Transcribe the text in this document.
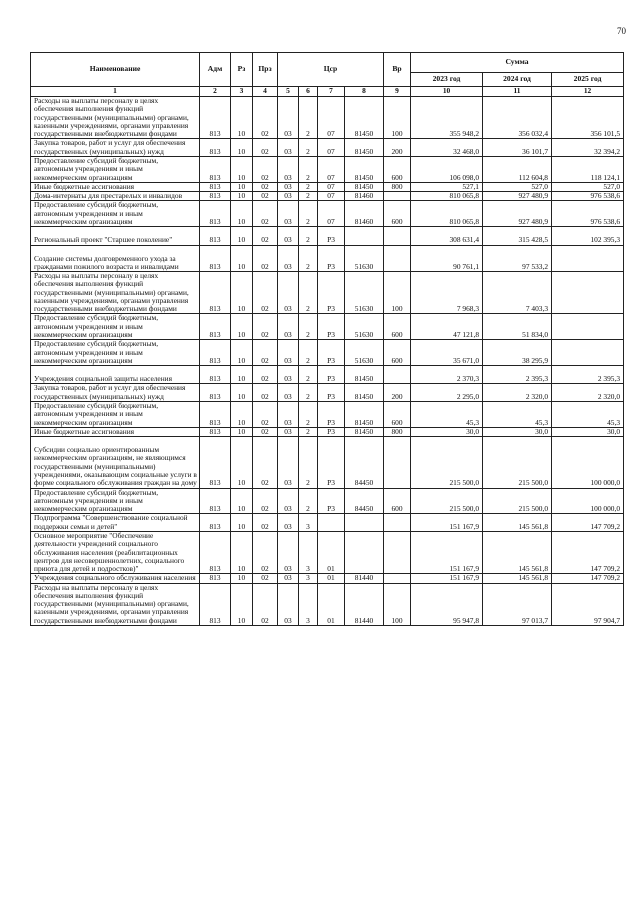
70
Наименование	Адм	Рз	Прз	Цср				Вр	Сумма		
									2023 год	2024 год	2025 год
1	2	3	4	5	6	7	8	9	10	11	12
Расходы на выплаты персоналу в целях обеспечения выполнения функций государственными (муниципальными) органами, казенными учреждениями, органами управления государственными внебюджетными фондами	813	10	02	03	2	07	81450	100	355 948,2	356 032,4	356 101,5
Закупка товаров, работ и услуг для обеспечения государственных (муниципальных) нужд	813	10	02	03	2	07	81450	200	32 468,0	36 101,7	32 394,2
Предоставление субсидий бюджетным, автономным учреждениям и иным некоммерческим организациям	813	10	02	03	2	07	81450	600	106 098,0	112 604,8	118 124,1
Иные бюджетные ассигнования	813	10	02	03	2	07	81450	800	527,1	527,0	527,0
Дома-интернаты для престарелых и инвалидов	813	10	02	03	2	07	81460		810 065,8	927 480,9	976 538,6
Предоставление субсидий бюджетным, автономным учреждениям и иным некоммерческим организациям	813	10	02	03	2	07	81460	600	810 065,8	927 480,9	976 538,6
Региональный проект "Старшее поколение"	813	10	02	03	2	Р3			308 631,4	315 428,5	102 395,3
Создание системы долговременного ухода за гражданами пожилого возраста и инвалидами	813	10	02	03	2	Р3	51630		90 761,1	97 533,2	
Расходы на выплаты персоналу в целях обеспечения выполнения функций государственными (муниципальными) органами, казенными учреждениями, органами управления государственными внебюджетными фондами	813	10	02	03	2	Р3	51630	100	7 968,3	7 403,3	
Предоставление субсидий бюджетным, автономным учреждениям и иным некоммерческим организациям	813	10	02	03	2	Р3	51630	600	47 121,8	51 834,0	
Предоставление субсидий бюджетным, автономным учреждениям и иным некоммерческим организациям	813	10	02	03	2	Р3	51630	600	35 671,0	38 295,9	
Учреждения социальной защиты населения	813	10	02	03	2	Р3	81450		2 370,3	2 395,3	2 395,3
Закупка товаров, работ и услуг для обеспечения государственных (муниципальных) нужд	813	10	02	03	2	Р3	81450	200	2 295,0	2 320,0	2 320,0
Предоставление субсидий бюджетным, автономным учреждениям и иным некоммерческим организациям	813	10	02	03	2	Р3	81450	600	45,3	45,3	45,3
Иные бюджетные ассигнования	813	10	02	03	2	Р3	81450	800	30,0	30,0	30,0
Субсидии социально ориентированным некоммерческим организациям, не являющимся государственными (муниципальными) учреждениями, оказывающим социальные услуги в форме социального обслуживания граждан на дому	813	10	02	03	2	Р3	84450		215 500,0	215 500,0	100 000,0
Предоставление субсидий бюджетным, автономным учреждениям и иным некоммерческим организациям	813	10	02	03	2	Р3	84450	600	215 500,0	215 500,0	100 000,0
Подпрограмма "Совершенствование социальной поддержки семьи и детей"	813	10	02	03	3				151 167,9	145 561,8	147 709,2
Основное мероприятие "Обеспечение деятельности учреждений социального обслуживания населения (реабилитационных центров для несовершеннолетних, социального приюта для детей и подростков)"	813	10	02	03	3	01			151 167,9	145 561,8	147 709,2
Учреждения социального обслуживания населения	813	10	02	03	3	01	81440		151 167,9	145 561,8	147 709,2
Расходы на выплаты персоналу в целях обеспечения выполнения функций государственными (муниципальными) органами, казенными учреждениями, органами управления государственными внебюджетными фондами	813	10	02	03	3	01	81440	100	95 947,8	97 013,7	97 904,7
